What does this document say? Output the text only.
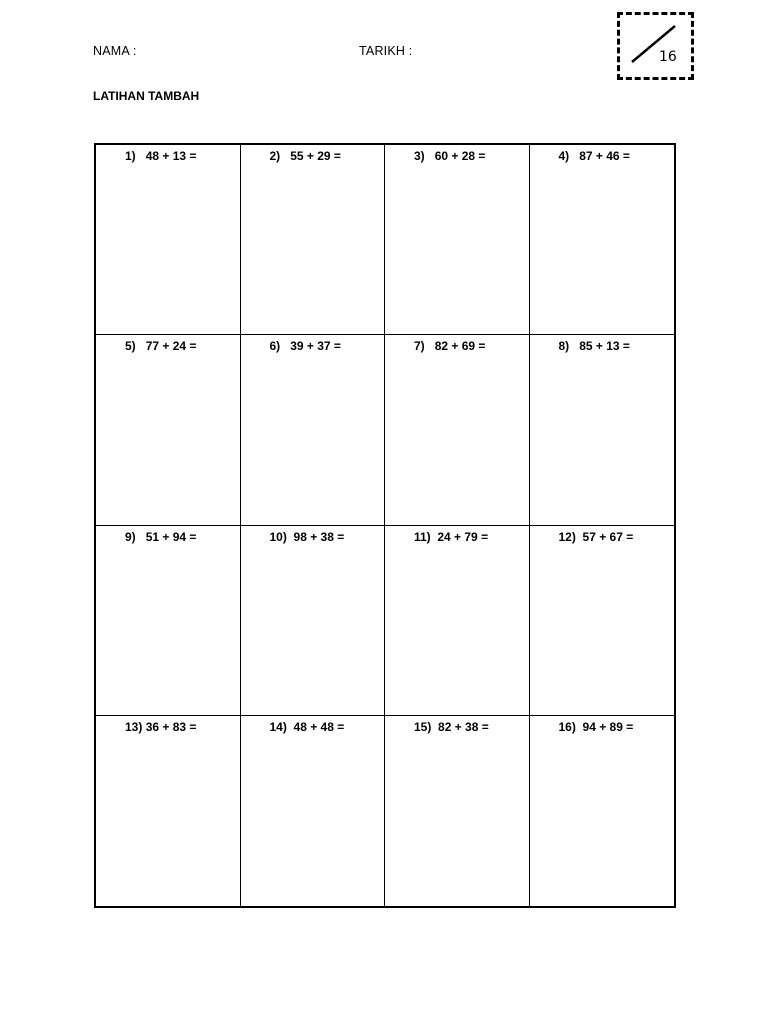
NAMA :	TARIKH :
LATIHAN TAMBAH
16
1) 48 + 13 =	2) 55 + 29 =	3) 60 + 28 =	4) 87 + 46 =
5) 77 + 24 =	6) 39 + 37 =	7) 82 + 69 =	8) 85 + 13 =
9) 51 + 94 =	10) 98 + 38 =	11) 24 + 79 =	12) 57 + 67 =
13) 36 + 83 =	14) 48 + 48 =	15) 82 + 38 =	16) 94 + 89 =
